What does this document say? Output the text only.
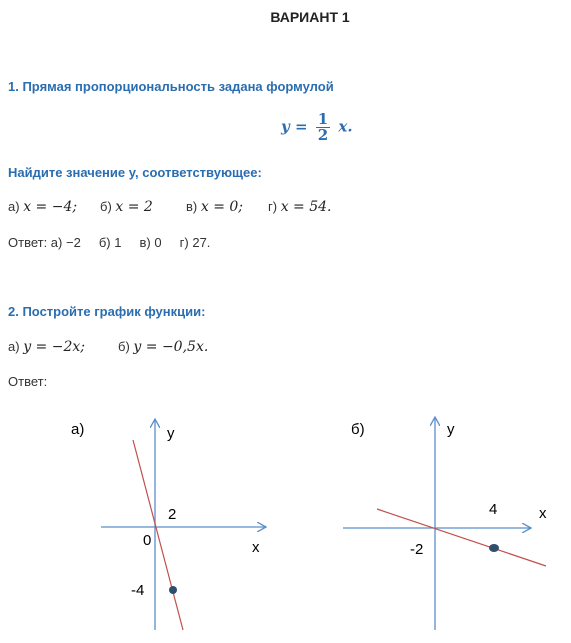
ВАРИАНТ 1
1. Прямая пропорциональность задана формулой
$y = \frac{1}{2} x$.
Найдите значение у, соответствующее:
а) x = −4; б) x = 2	в) x = 0; г) x = 54.
Ответ: а) −2     б) 1     в) 0     г) 27.
2. Постройте график функции:
а) y = −2x;	б) y = −0,5x.
Ответ:
а)	y
x
0
2
-4
б)	y
x
4
-2
